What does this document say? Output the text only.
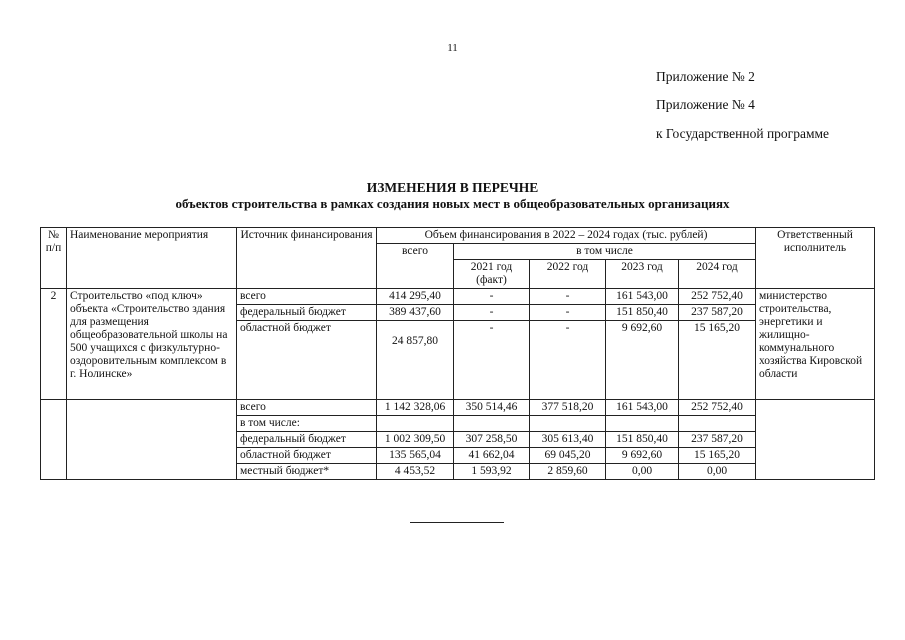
11
Приложение № 2
Приложение № 4
к Государственной программе
ИЗМЕНЕНИЯ В ПЕРЕЧНЕ
объектов строительства в рамках создания новых мест в общеобразовательных организациях
№ п/п	Наименование мероприятия	Источник финансирования	Объем финансирования в 2022 – 2024 годах (тыс. рублей)					Ответственный исполнитель
			всего	в том числе				
				2021 год (факт)	2022 год	2023 год	2024 год	
2	Строительство «под ключ» объекта «Строительство здания для размещения общеобразовательной школы на 500 учащихся с физкультурно-оздоровительным комплексом в г. Нолинске»	всего	414 295,40	-	-	161 543,00	252 752,40	министерство строительства, энергетики и жилищно-коммунального хозяйства Кировской области
		федеральный бюджет	389 437,60	-	-	151 850,40	237 587,20	
		областной бюджет	24 857,80	-	-	9 692,60	15 165,20	
		всего	1 142 328,06	350 514,46	377 518,20	161 543,00	252 752,40	
		в том числе:						
		федеральный бюджет	1 002 309,50	307 258,50	305 613,40	151 850,40	237 587,20	
		областной бюджет	135 565,04	41 662,04	69 045,20	9 692,60	15 165,20	
		местный бюджет*	4 453,52	1 593,92	2 859,60	0,00	0,00	
